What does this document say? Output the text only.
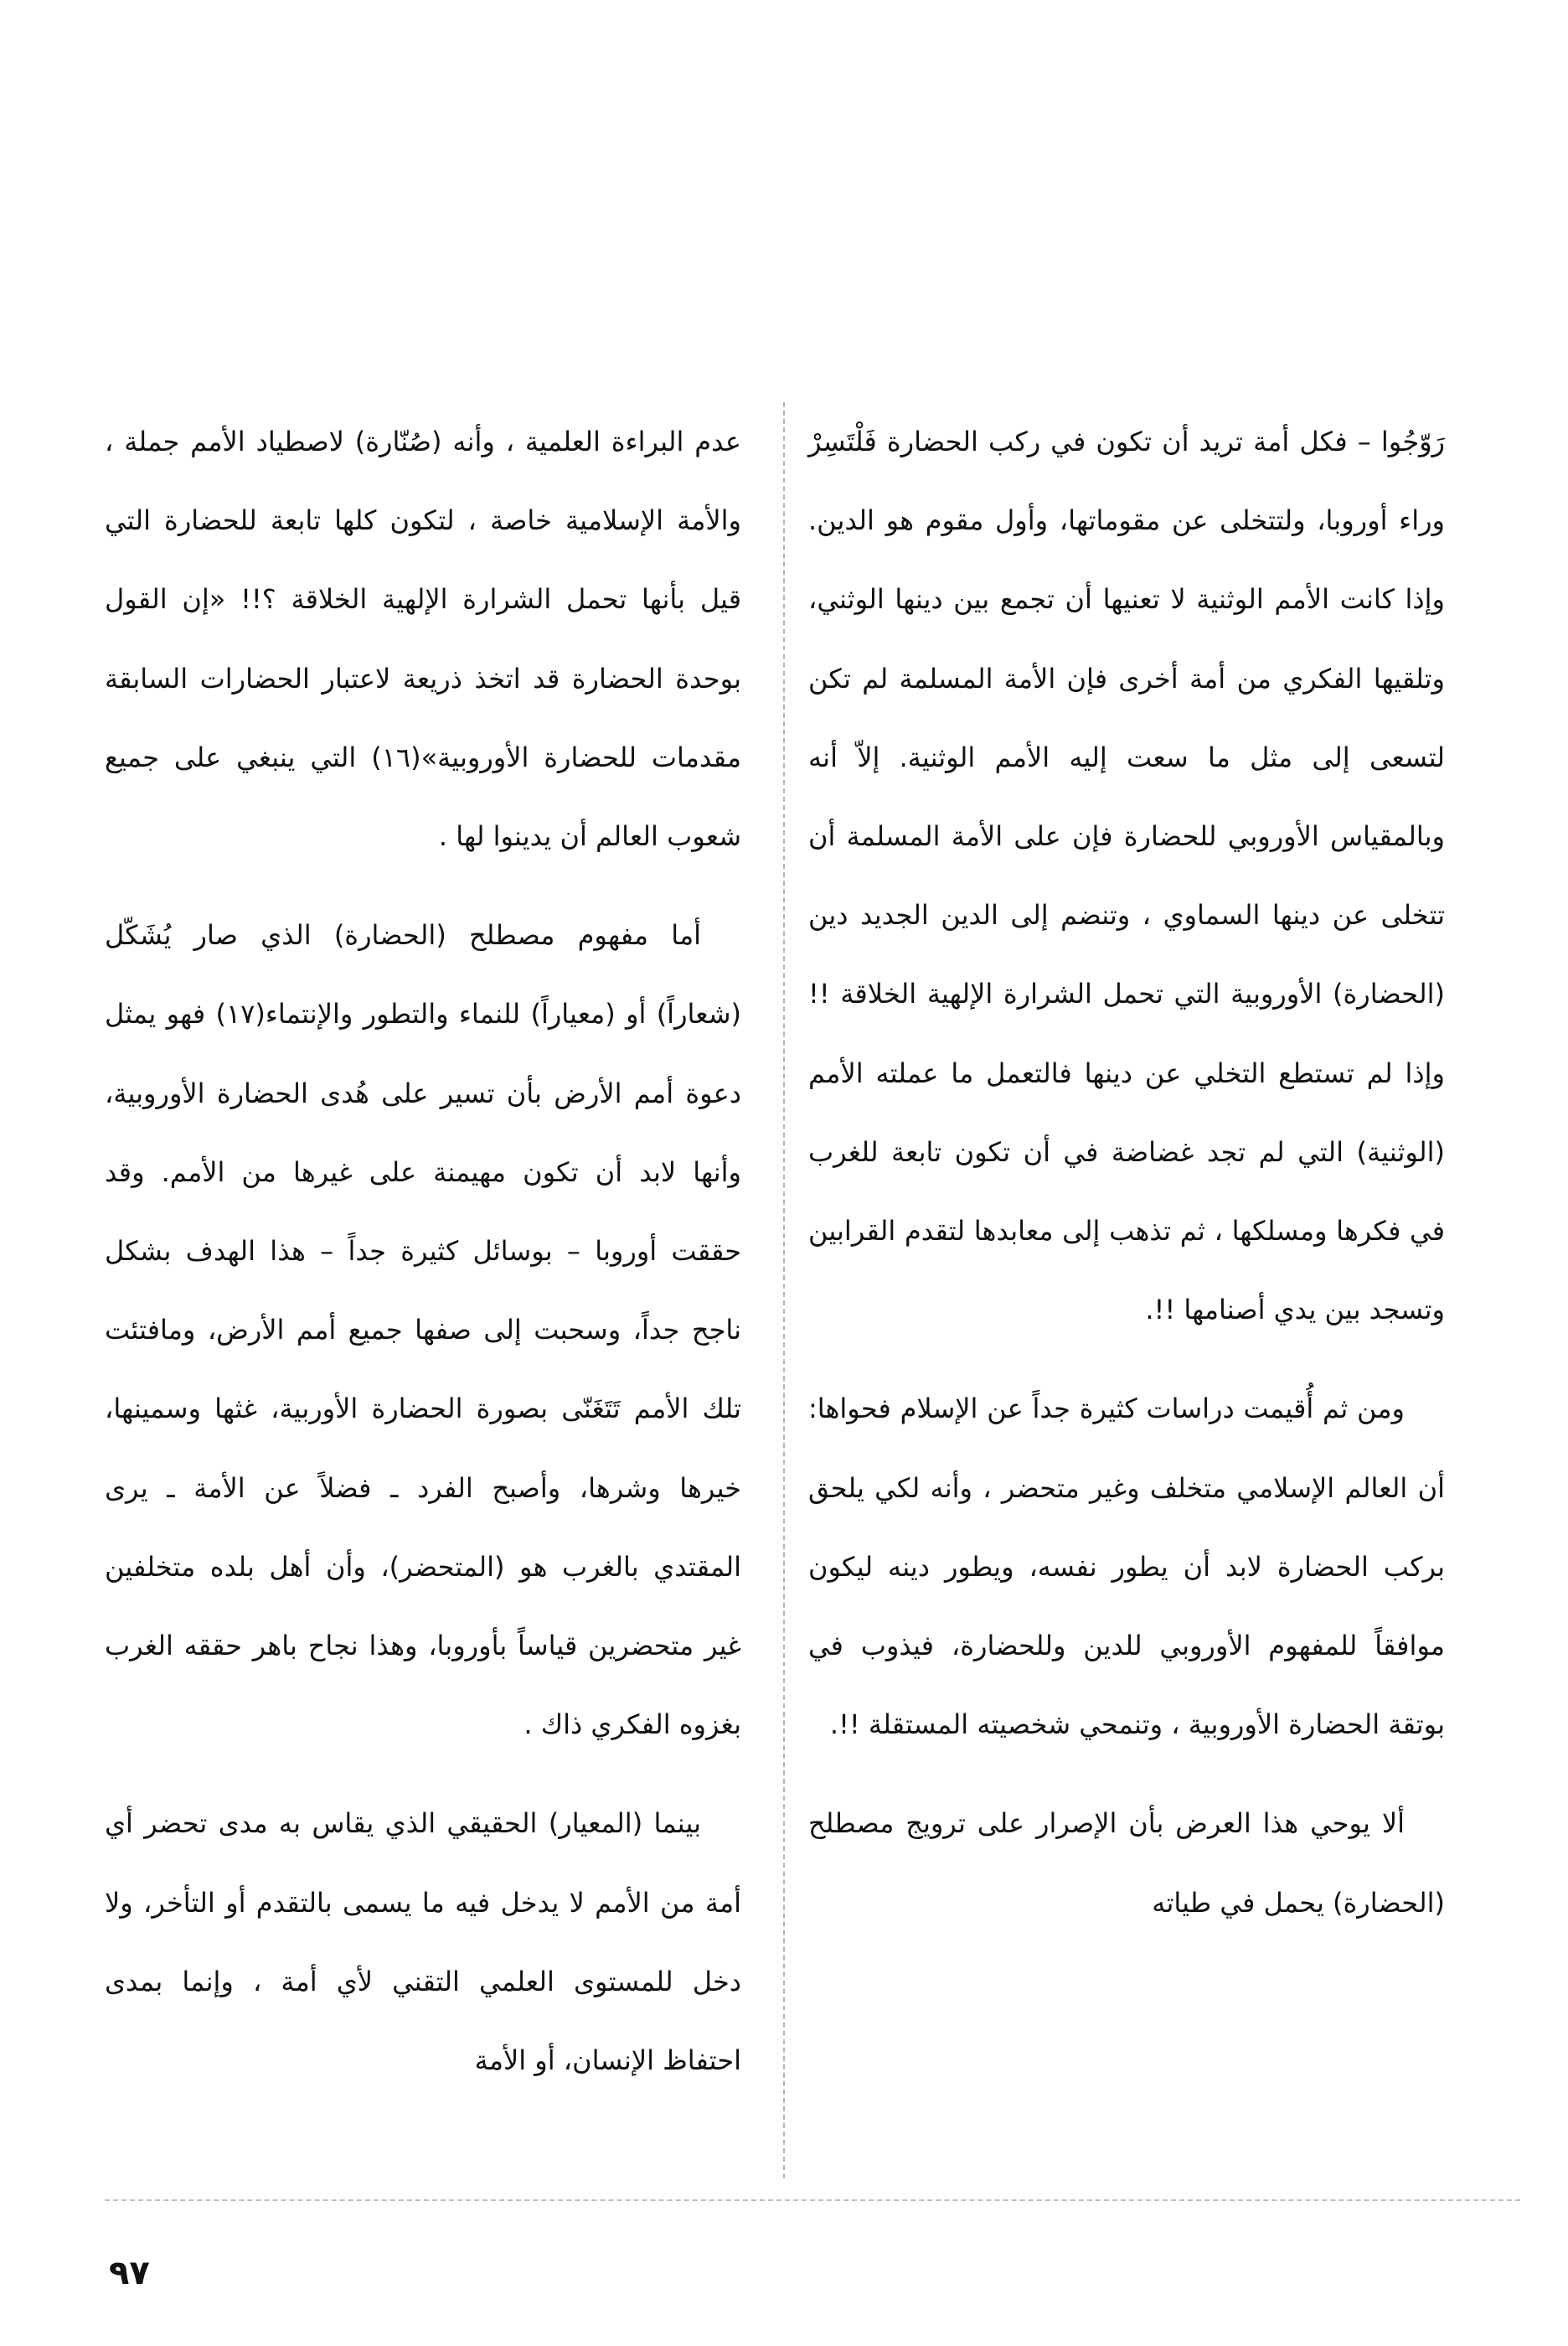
رَوّجُوا – فكل أمة تريد أن تكون في ركب الحضارة فَلْتَسِرْ وراء أوروبا، ولتتخلى عن مقوماتها، وأول مقوم هو الدين. وإذا كانت الأمم الوثنية لا تعنيها أن تجمع بين دينها الوثني، وتلقيها الفكري من أمة أخرى فإن الأمة المسلمة لم تكن لتسعى إلى مثل ما سعت إليه الأمم الوثنية. إلاّ أنه وبالمقياس الأوروبي للحضارة فإن على الأمة المسلمة أن تتخلى عن دينها السماوي ، وتنضم إلى الدين الجديد دين (الحضارة) الأوروبية التي تحمل الشرارة الإلهية الخلاقة !! وإذا لم تستطع التخلي عن دينها فالتعمل ما عملته الأمم (الوثنية) التي لم تجد غضاضة في أن تكون تابعة للغرب في فكرها ومسلكها ، ثم تذهب إلى معابدها لتقدم القرابين وتسجد بين يدي أصنامها !!.

ومن ثم أُقيمت دراسات كثيرة جداً عن الإسلام فحواها: أن العالم الإسلامي متخلف وغير متحضر ، وأنه لكي يلحق بركب الحضارة لابد أن يطور نفسه، ويطور دينه ليكون موافقاً للمفهوم الأوروبي للدين وللحضارة، فيذوب في بوتقة الحضارة الأوروبية ، وتنمحي شخصيته المستقلة !!.

ألا يوحي هذا العرض بأن الإصرار على ترويج مصطلح (الحضارة) يحمل في طياته

عدم البراءة العلمية ، وأنه (صُنّارة) لاصطياد الأمم جملة ، والأمة الإسلامية خاصة ، لتكون كلها تابعة للحضارة التي قيل بأنها تحمل الشرارة الإلهية الخلاقة ؟!! «إن القول بوحدة الحضارة قد اتخذ ذريعة لاعتبار الحضارات السابقة مقدمات للحضارة الأوروبية»(١٦) التي ينبغي على جميع شعوب العالم أن يدينوا لها .

أما مفهوم مصطلح (الحضارة) الذي صار يُشَكّل (شعاراً) أو (معياراً) للنماء والتطور والإنتماء(١٧) فهو يمثل دعوة أمم الأرض بأن تسير على هُدى الحضارة الأوروبية، وأنها لابد أن تكون مهيمنة على غيرها من الأمم. وقد حققت أوروبا – بوسائل كثيرة جداً – هذا الهدف بشكل ناجح جداً، وسحبت إلى صفها جميع أمم الأرض، ومافتئت تلك الأمم تَتَغَنّى بصورة الحضارة الأوربية، غثها وسمينها، خيرها وشرها، وأصبح الفرد ـ فضلاً عن الأمة ـ يرى المقتدي بالغرب هو (المتحضر)، وأن أهل بلده متخلفين غير متحضرين قياساً بأوروبا، وهذا نجاح باهر حققه الغرب بغزوه الفكري ذاك .

بينما (المعيار) الحقيقي الذي يقاس به مدى تحضر أي أمة من الأمم لا يدخل فيه ما يسمى بالتقدم أو التأخر، ولا دخل للمستوى العلمي التقني لأي أمة ، وإنما بمدى احتفاظ الإنسان، أو الأمة

٩٧
